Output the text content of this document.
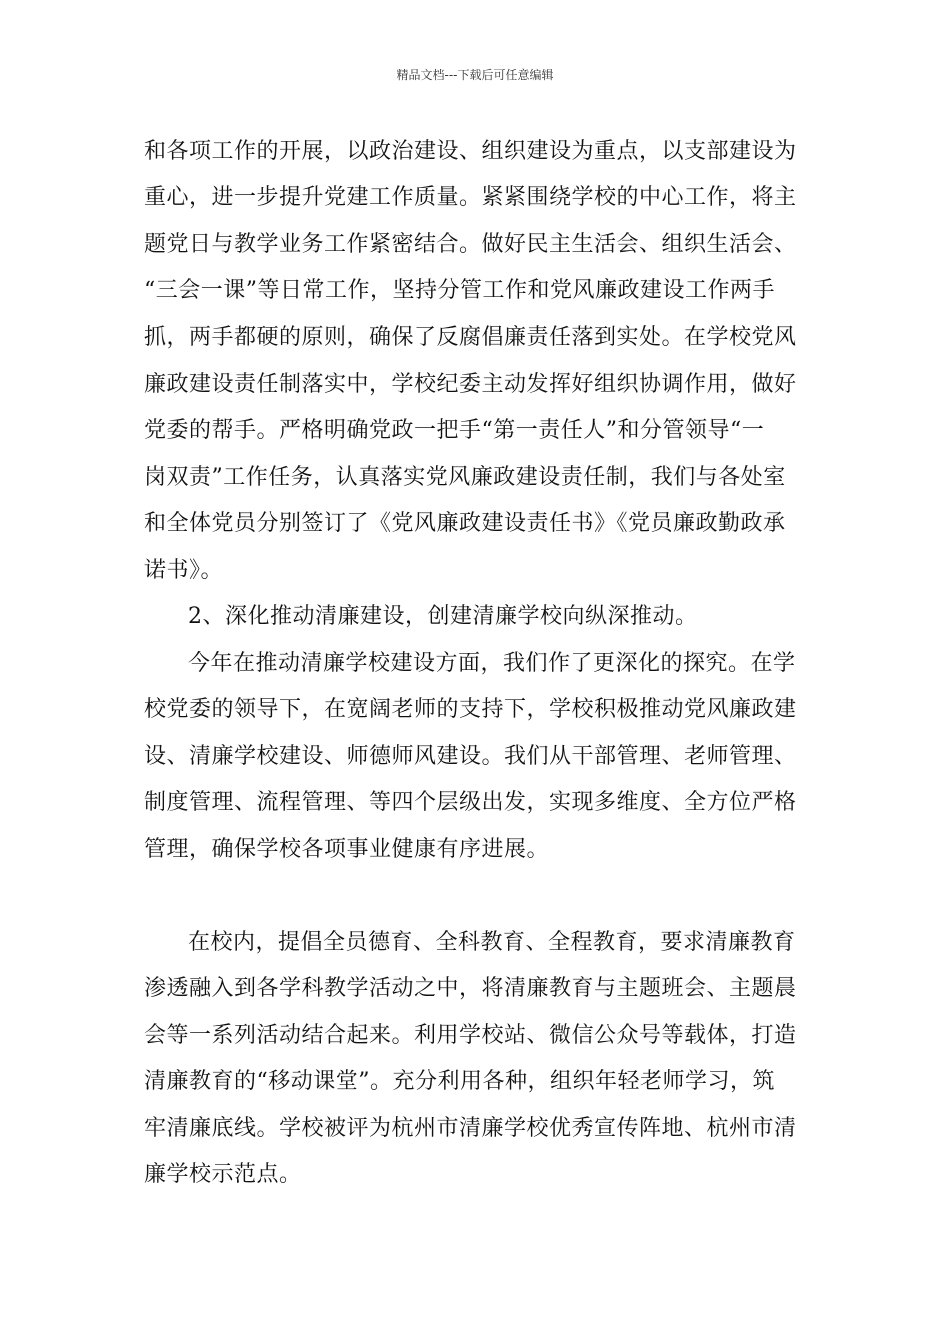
精品文档---下载后可任意编辑
和各项工作的开展，以政治建设、组织建设为重点，以支部建设为
重心，进一步提升党建工作质量。紧紧围绕学校的中心工作，将主
题党日与教学业务工作紧密结合。做好民主生活会、组织生活会、
“三会一课”等日常工作，坚持分管工作和党风廉政建设工作两手
抓，两手都硬的原则，确保了反腐倡廉责任落到实处。在学校党风
廉政建设责任制落实中，学校纪委主动发挥好组织协调作用，做好
党委的帮手。严格明确党政一把手“第一责任人”和分管领导“一
岗双责”工作任务，认真落实党风廉政建设责任制，我们与各处室
和全体党员分别签订了《党风廉政建设责任书》《党员廉政勤政承
诺书》。
2、深化推动清廉建设，创建清廉学校向纵深推动。
今年在推动清廉学校建设方面，我们作了更深化的探究。在学
校党委的领导下，在宽阔老师的支持下，学校积极推动党风廉政建
设、清廉学校建设、师德师风建设。我们从干部管理、老师管理、
制度管理、流程管理、等四个层级出发，实现多维度、全方位严格
管理，确保学校各项事业健康有序进展。
在校内，提倡全员德育、全科教育、全程教育，要求清廉教育
渗透融入到各学科教学活动之中，将清廉教育与主题班会、主题晨
会等一系列活动结合起来。利用学校站、微信公众号等载体，打造
清廉教育的“移动课堂”。充分利用各种，组织年轻老师学习，筑
牢清廉底线。学校被评为杭州市清廉学校优秀宣传阵地、杭州市清
廉学校示范点。
